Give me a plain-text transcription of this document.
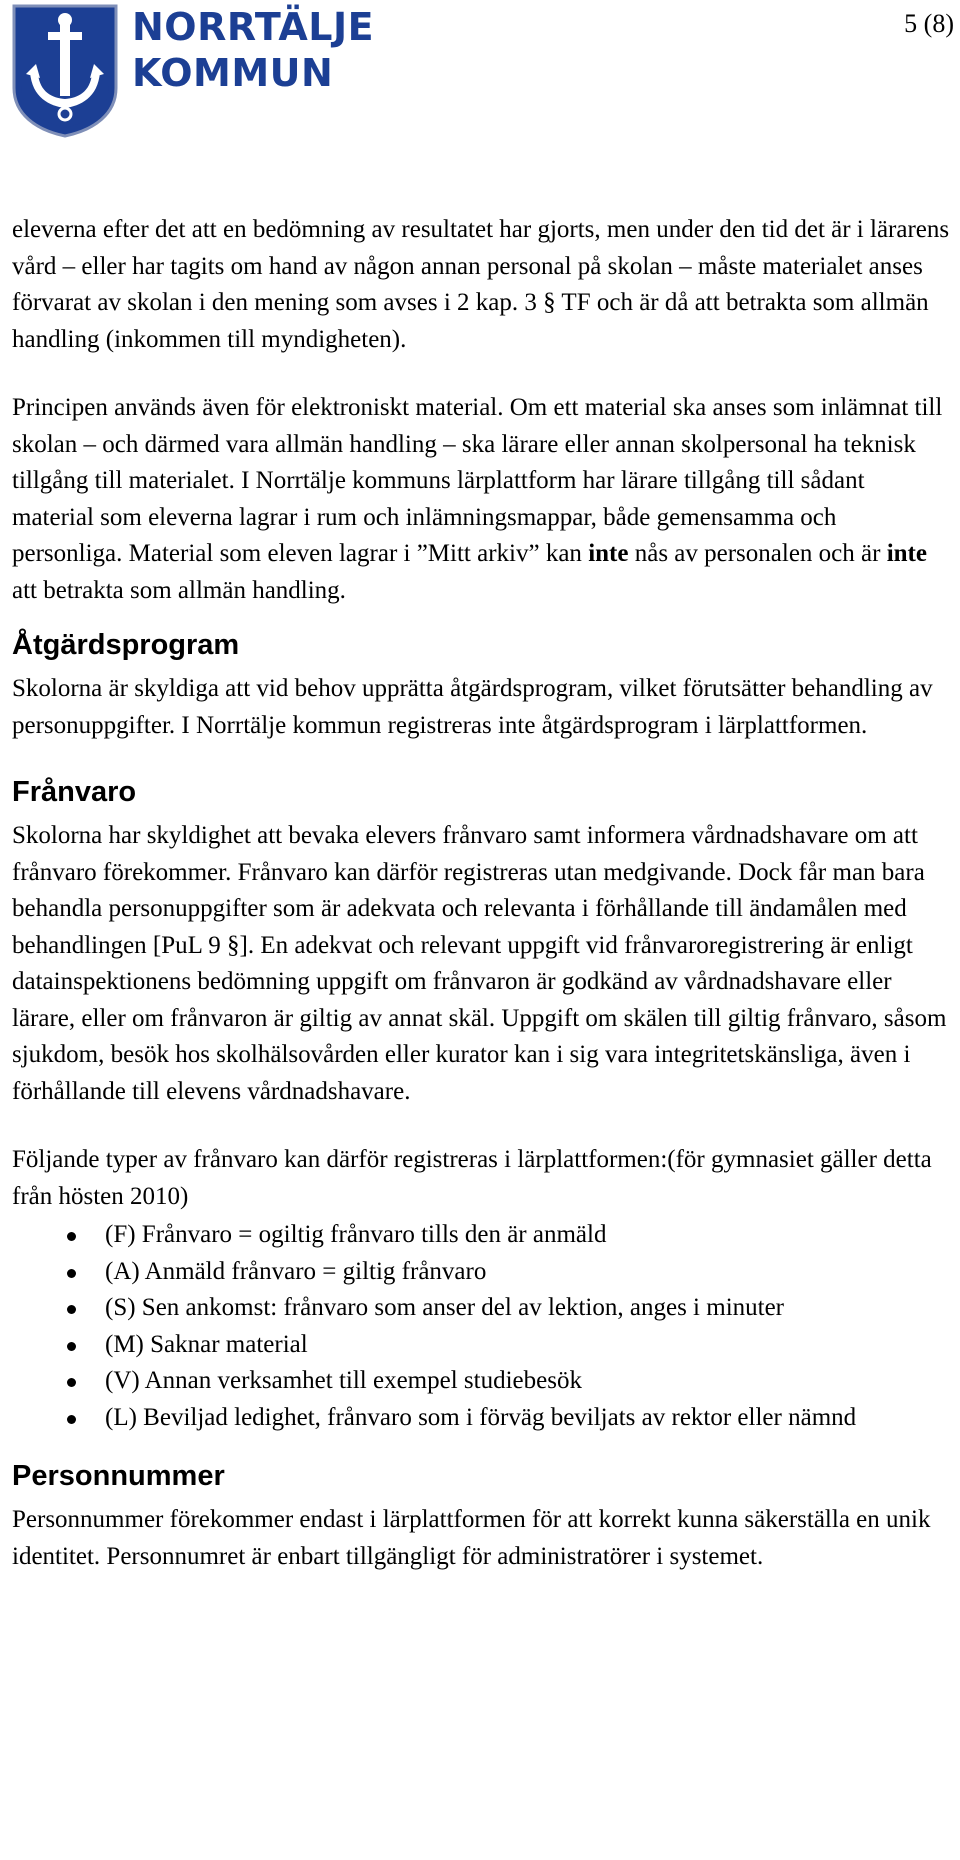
NORRTÄLJE
KOMMUN
5 (8)

eleverna efter det att en bedömning av resultatet har gjorts, men under den tid det är i lärarens vård – eller har tagits om hand av någon annan personal på skolan – måste materialet anses förvarat av skolan i den mening som avses i 2 kap. 3 § TF och är då att betrakta som allmän handling (inkommen till myndigheten).

Principen används även för elektroniskt material. Om ett material ska anses som inlämnat till skolan – och därmed vara allmän handling – ska lärare eller annan skolpersonal ha teknisk tillgång till materialet. I Norrtälje kommuns lärplattform har lärare tillgång till sådant material som eleverna lagrar i rum och inlämningsmappar, både gemensamma och personliga. Material som eleven lagrar i ”Mitt arkiv” kan inte nås av personalen och är inte att betrakta som allmän handling.

Åtgärdsprogram

Skolorna är skyldiga att vid behov upprätta åtgärdsprogram, vilket förutsätter behandling av personuppgifter. I Norrtälje kommun registreras inte åtgärdsprogram i lärplattformen.

Frånvaro

Skolorna har skyldighet att bevaka elevers frånvaro samt informera vårdnadshavare om att frånvaro förekommer. Frånvaro kan därför registreras utan medgivande. Dock får man bara behandla personuppgifter som är adekvata och relevanta i förhållande till ändamålen med behandlingen [PuL 9 §]. En adekvat och relevant uppgift vid frånvaroregistrering är enligt datainspektionens bedömning uppgift om frånvaron är godkänd av vårdnadshavare eller lärare, eller om frånvaron är giltig av annat skäl. Uppgift om skälen till giltig frånvaro, såsom sjukdom, besök hos skolhälsovården eller kurator kan i sig vara integritetskänsliga, även i förhållande till elevens vårdnadshavare.

Följande typer av frånvaro kan därför registreras i lärplattformen:(för gymnasiet gäller detta från hösten 2010)

(F) Frånvaro = ogiltig frånvaro tills den är anmäld
(A) Anmäld frånvaro = giltig frånvaro
(S) Sen ankomst: frånvaro som anser del av lektion, anges i minuter
(M) Saknar material
(V) Annan verksamhet till exempel studiebesök
(L) Beviljad ledighet, frånvaro som i förväg beviljats av rektor eller nämnd
Personnummer

Personnummer förekommer endast i lärplattformen för att korrekt kunna säkerställa en unik identitet. Personnumret är enbart tillgängligt för administratörer i systemet.
